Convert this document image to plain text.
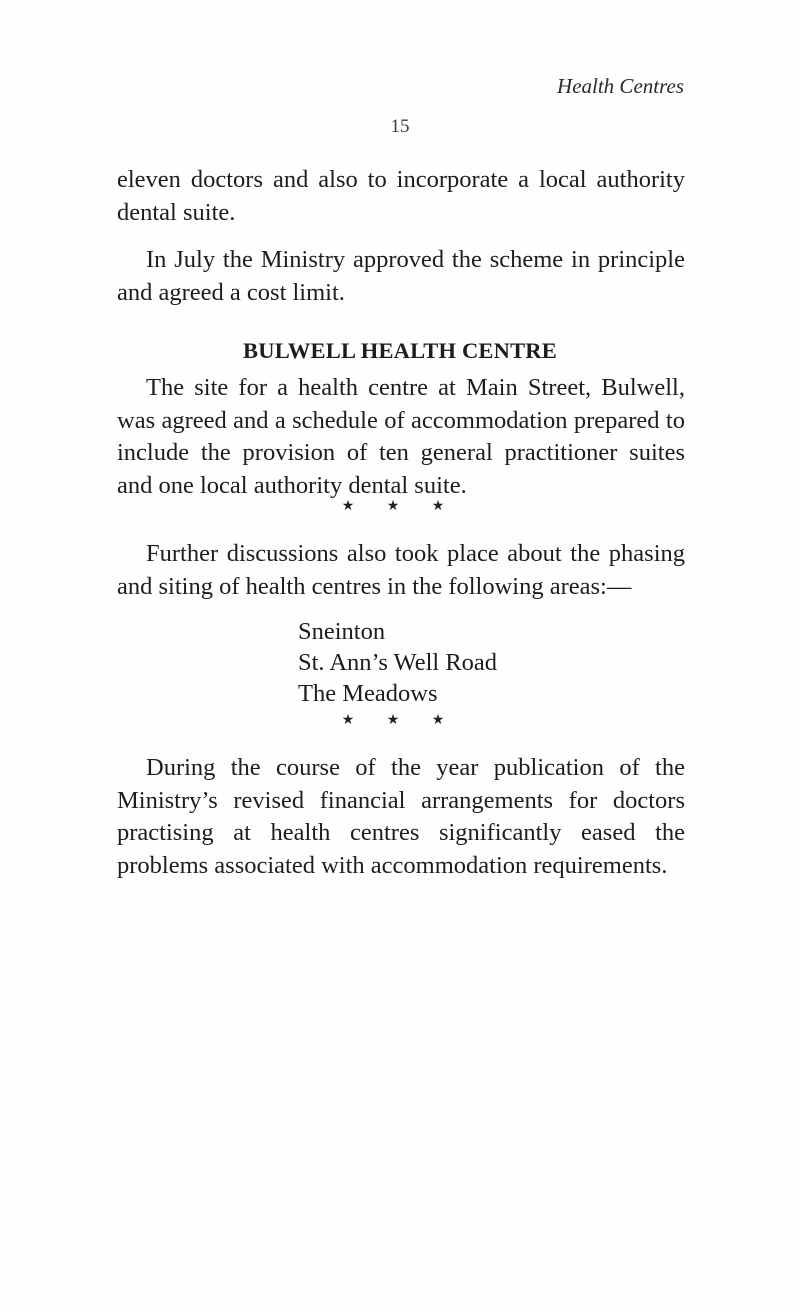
Health Centres
15

eleven doctors and also to incorporate a local authority dental suite.

In July the Ministry approved the scheme in principle and agreed a cost limit.

BULWELL HEALTH CENTRE

The site for a health centre at Main Street, Bulwell, was agreed and a schedule of accommodation prepared to include the provision of ten general practitioner suites and one local authority dental suite.

★ ★ ★

Further discussions also took place about the phasing and siting of health centres in the following areas:—

Sneinton
St. Ann’s Well Road
The Meadows
★ ★ ★

During the course of the year publication of the Ministry’s revised financial arrangements for doctors practising at health centres significantly eased the problems associated with accommodation requirements.
